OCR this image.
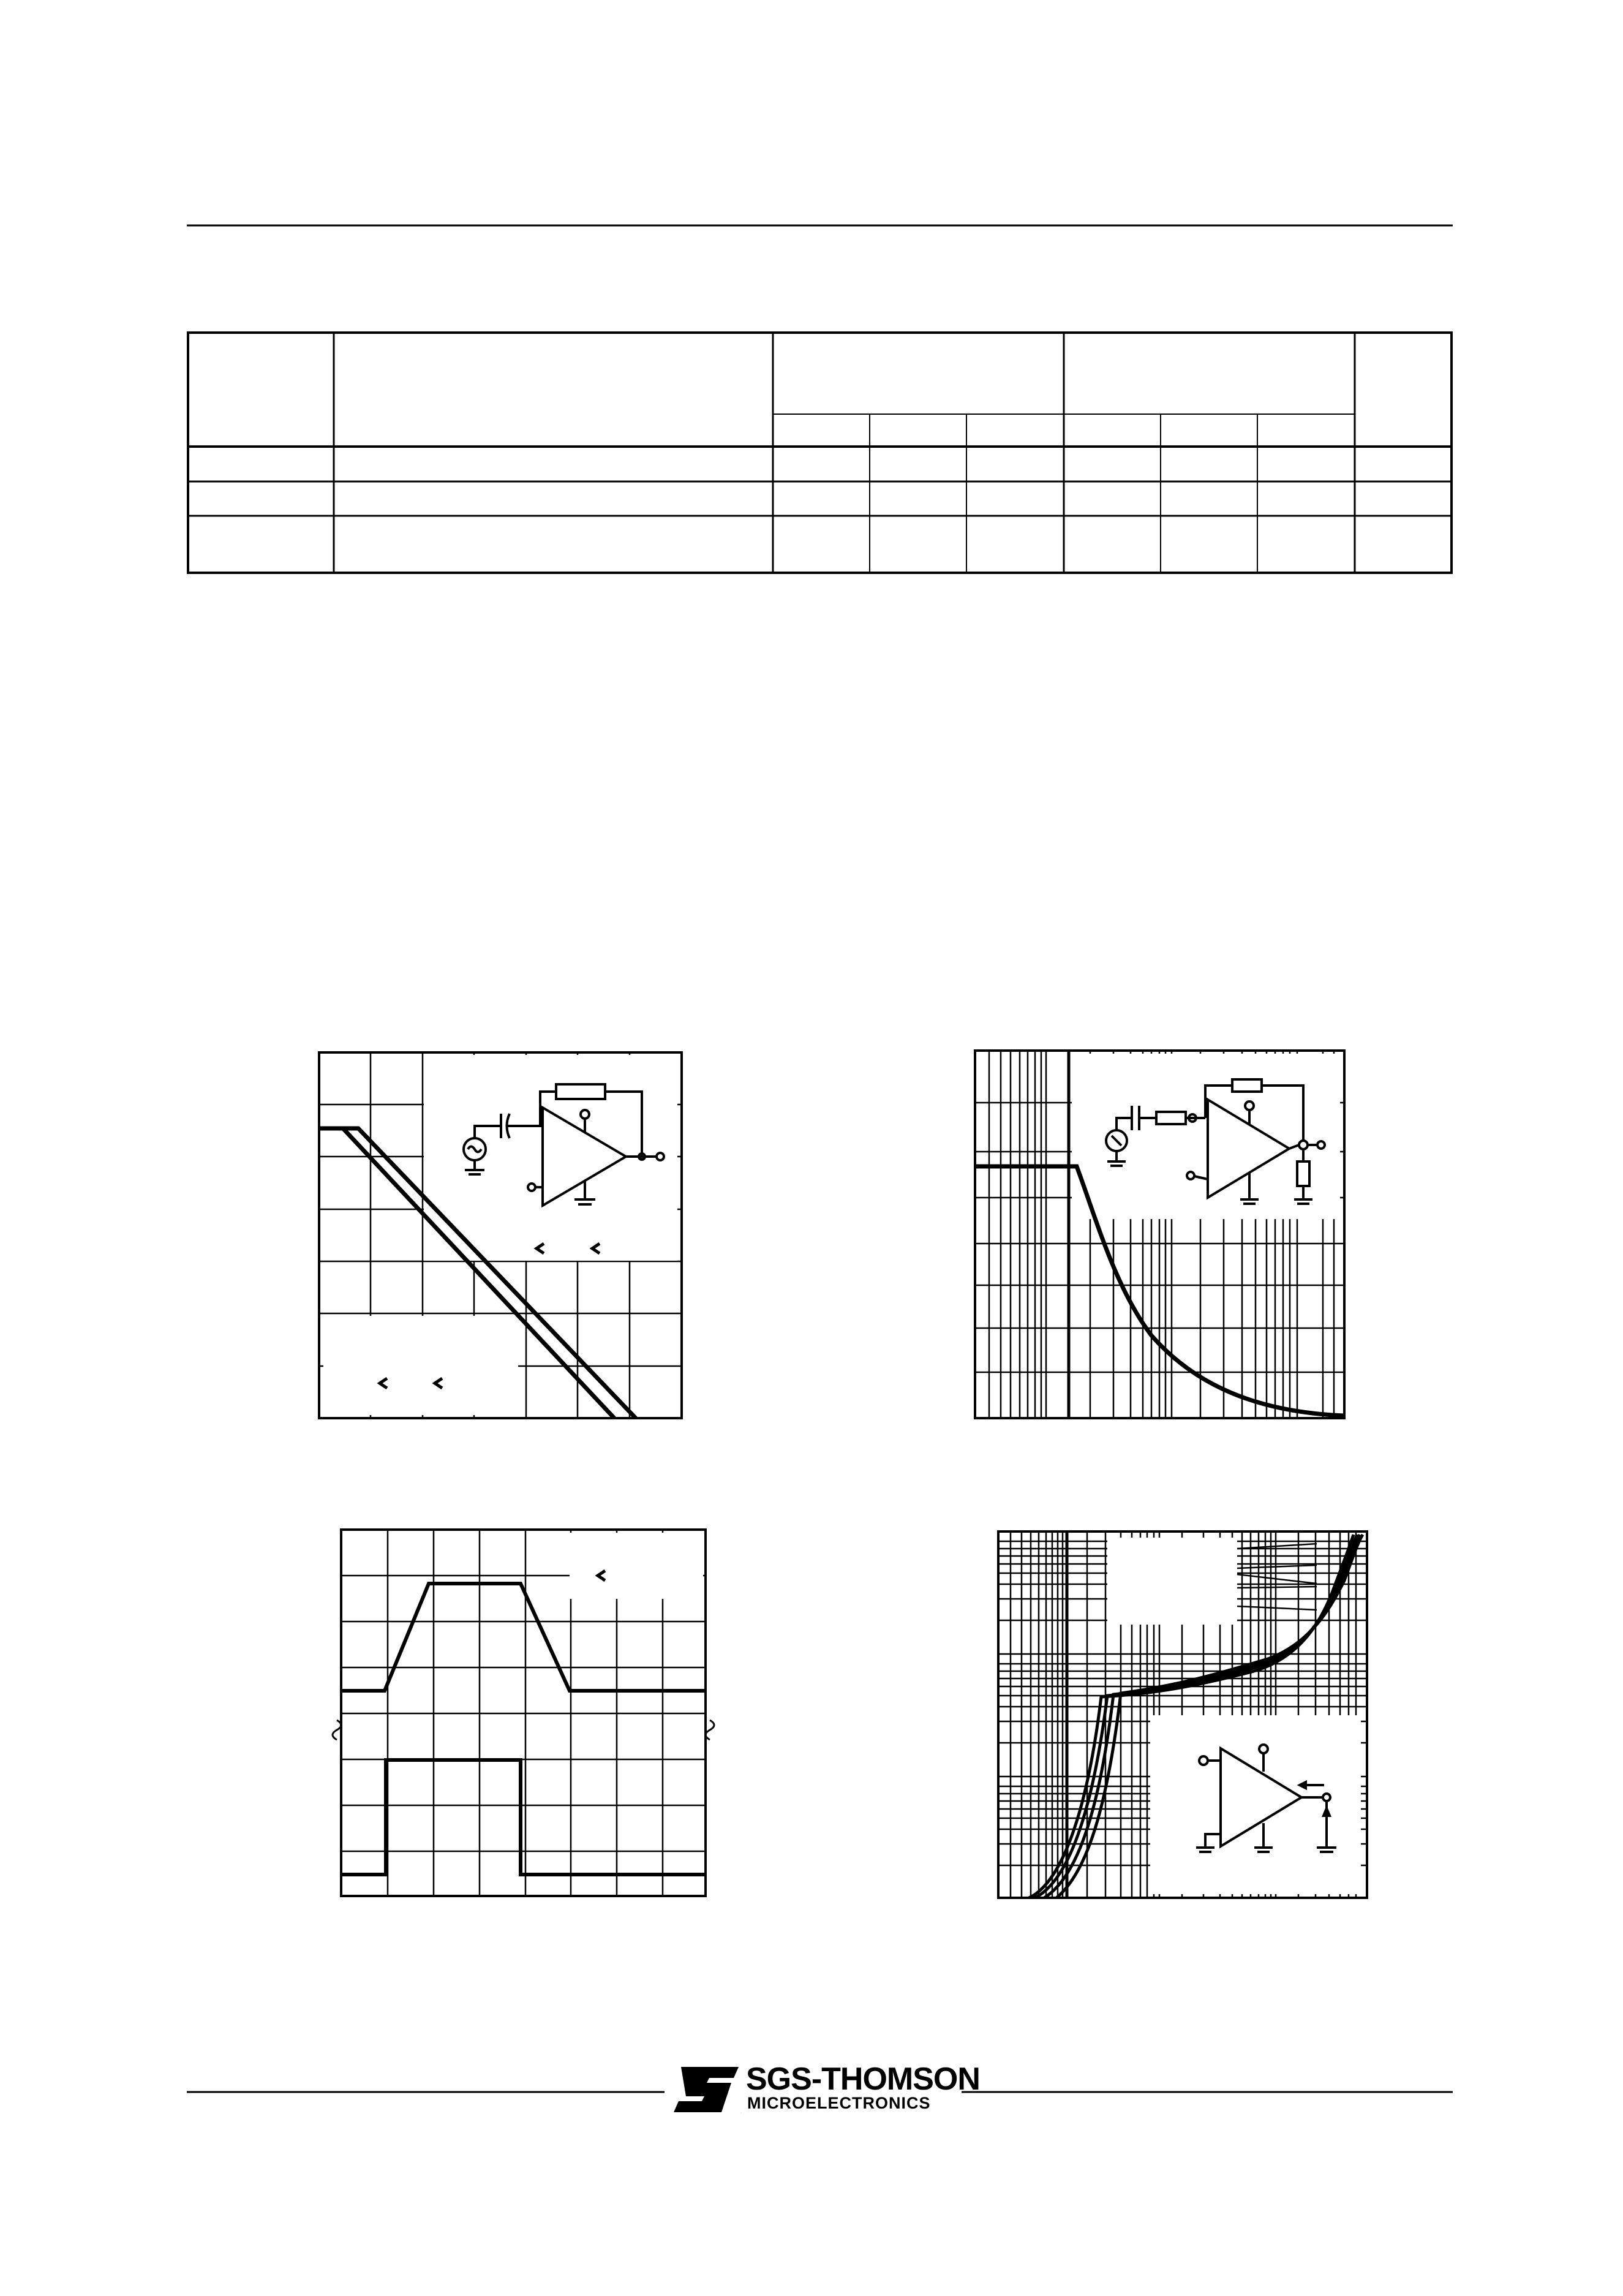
ST
SGS-THOMSON
MICROELECTRONICS
